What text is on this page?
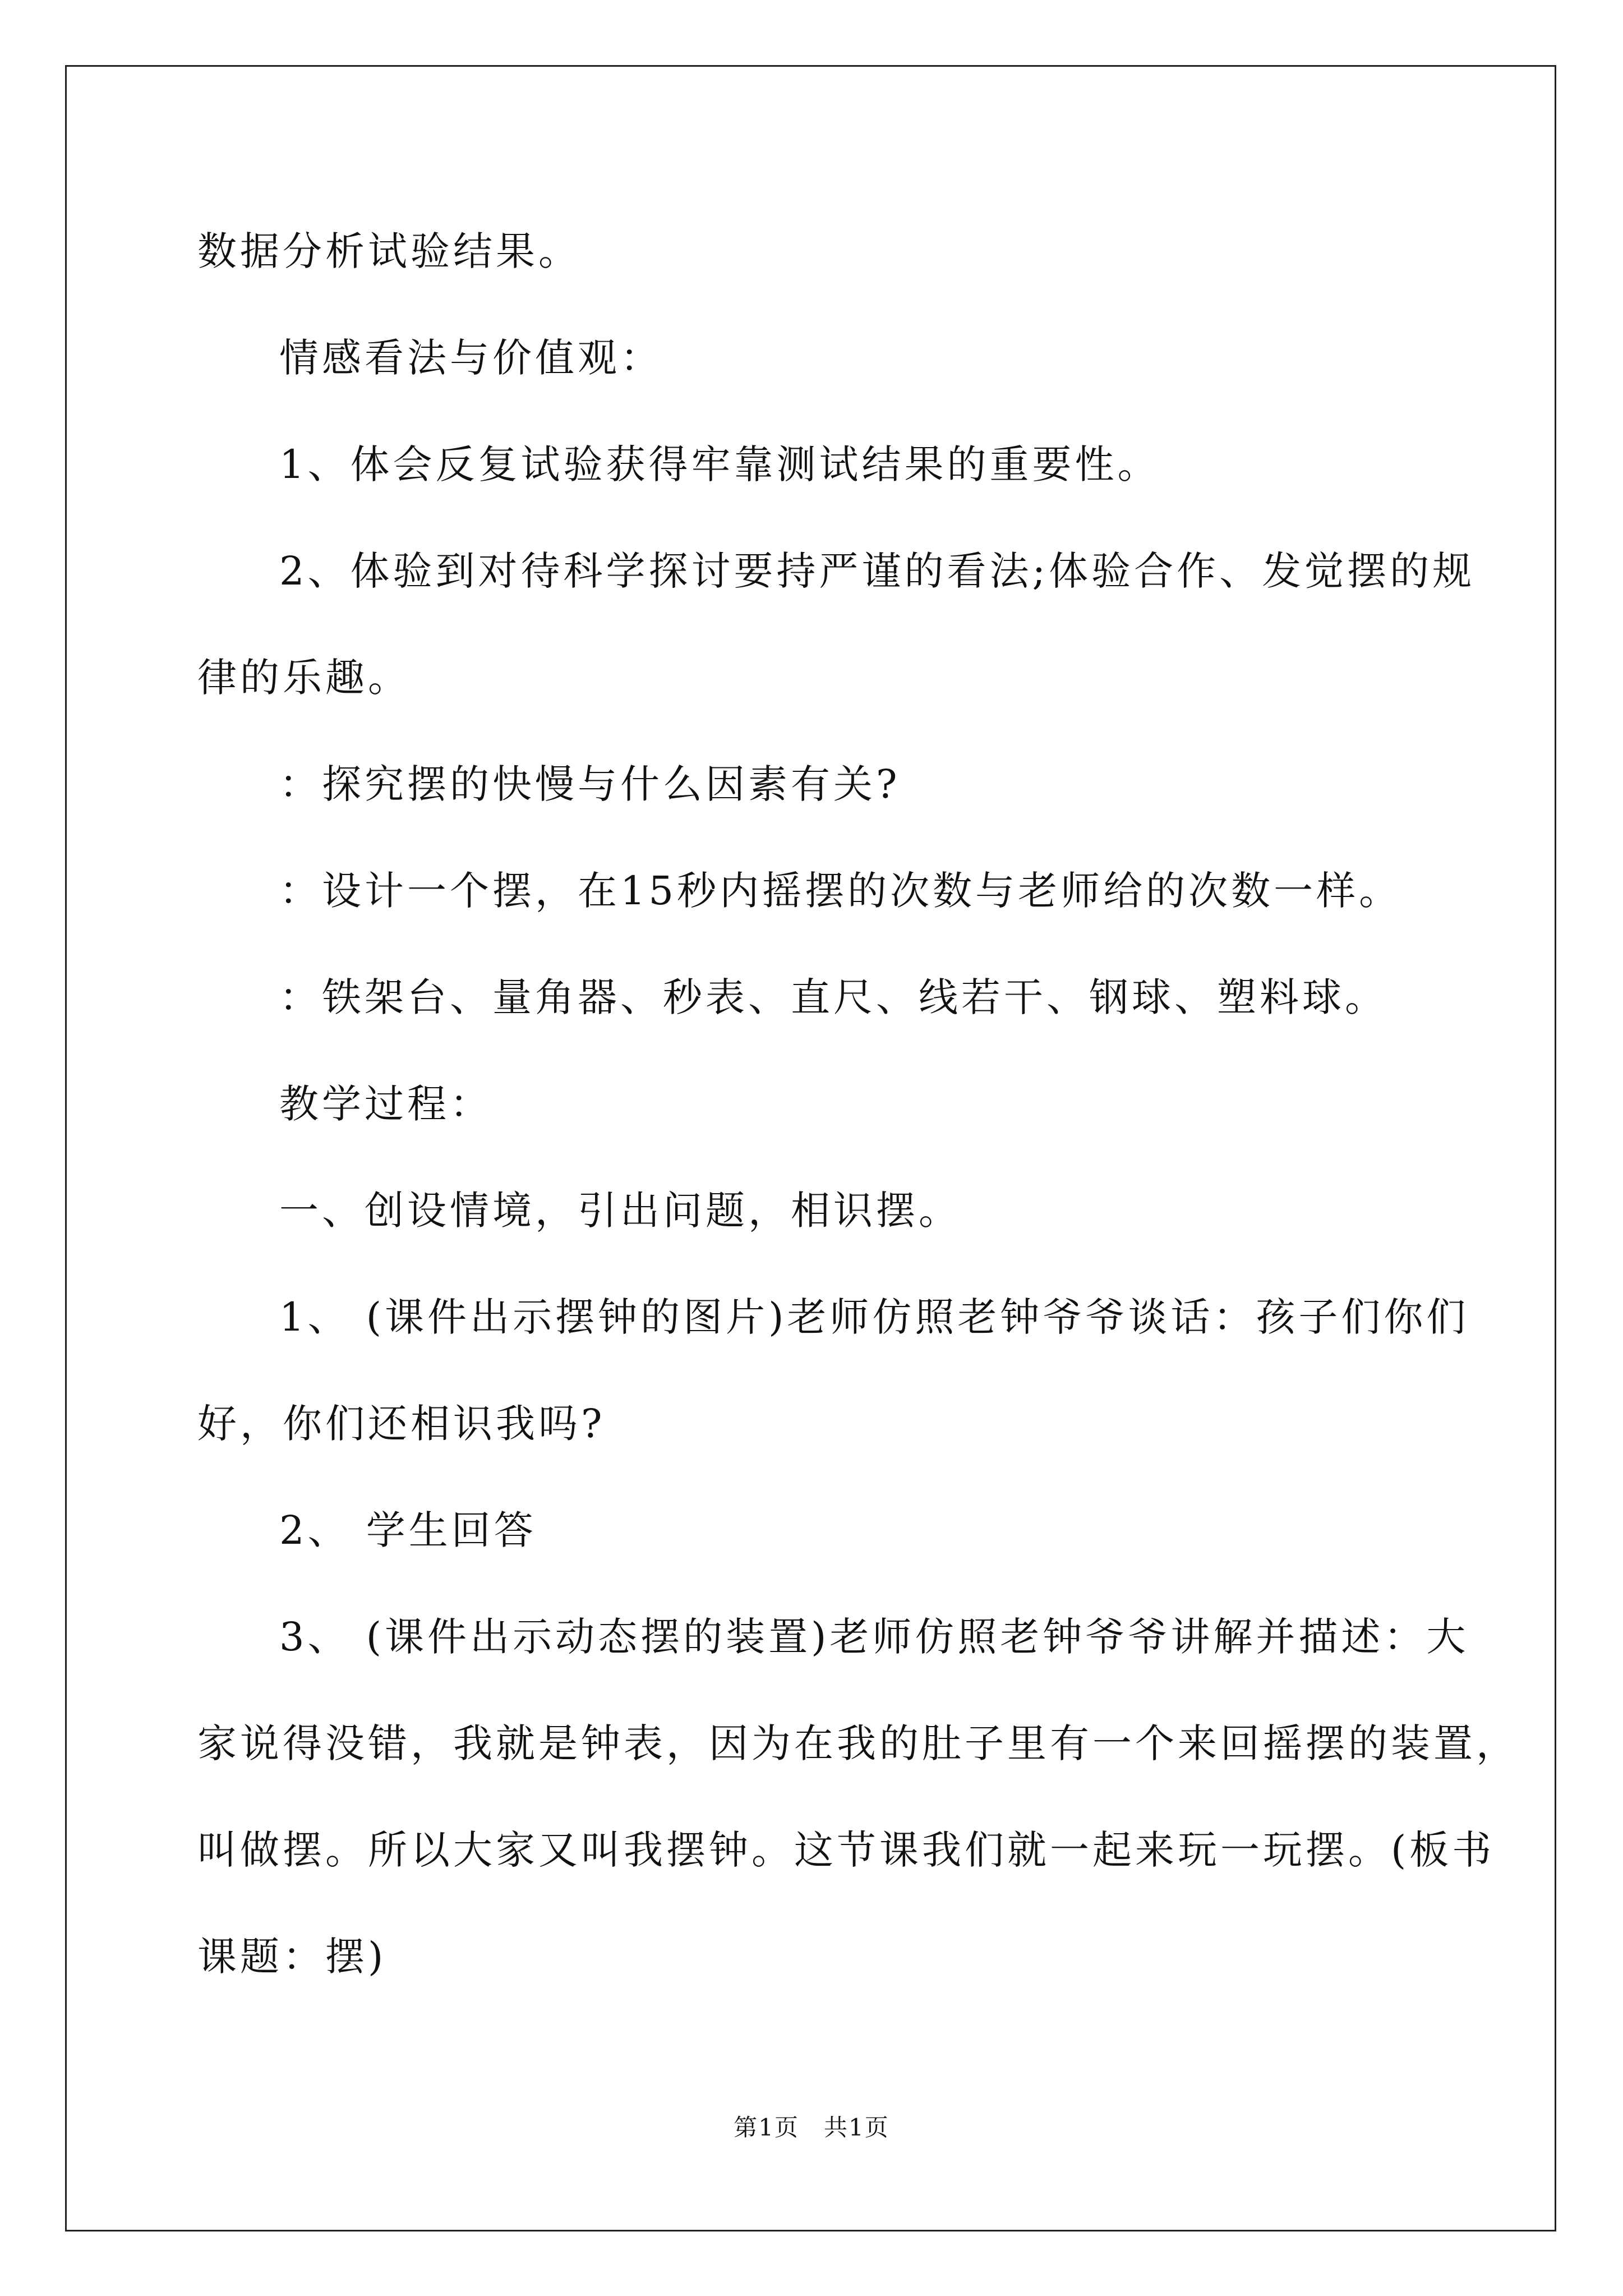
数据分析试验结果。
情感看法与价值观：
1、体会反复试验获得牢靠测试结果的重要性。
2、体验到对待科学探讨要持严谨的看法;体验合作、发觉摆的规
律的乐趣。
：探究摆的快慢与什么因素有关?
：设计一个摆，在15秒内摇摆的次数与老师给的次数一样。
：铁架台、量角器、秒表、直尺、线若干、钢球、塑料球。
教学过程：
一、创设情境，引出问题，相识摆。
1、 (课件出示摆钟的图片)老师仿照老钟爷爷谈话：孩子们你们
好，你们还相识我吗?
2、 学生回答
3、 (课件出示动态摆的装置)老师仿照老钟爷爷讲解并描述：大
家说得没错，我就是钟表，因为在我的肚子里有一个来回摇摆的装置，
叫做摆。所以大家又叫我摆钟。这节课我们就一起来玩一玩摆。(板书
课题：摆)
第1页　共1页
